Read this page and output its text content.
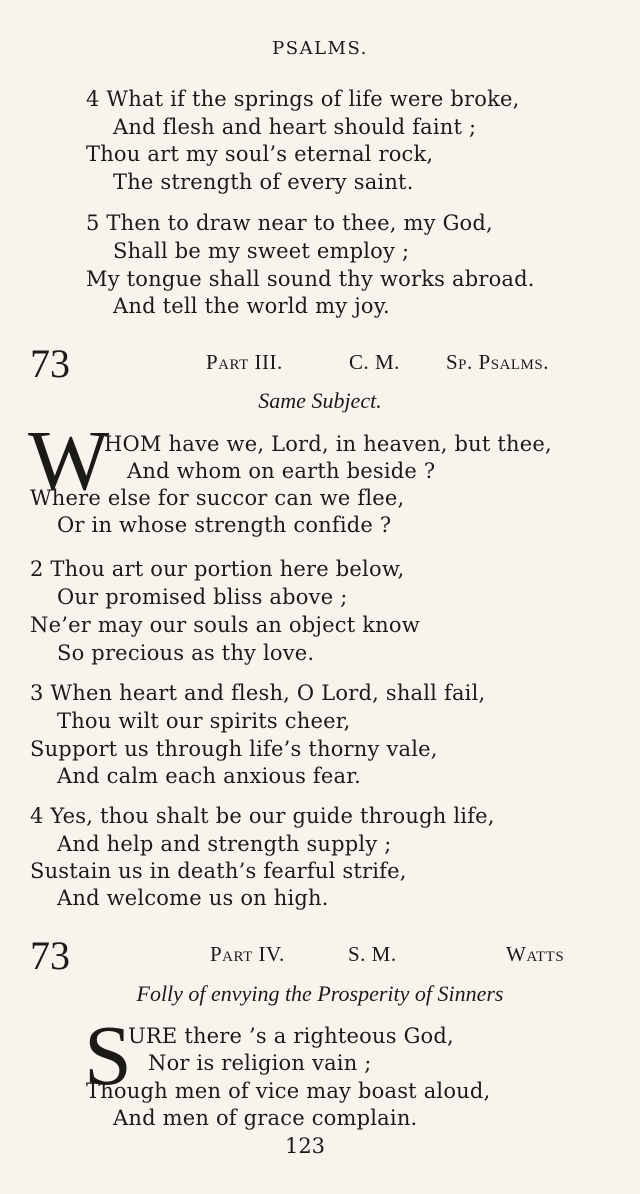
PSALMS.
4 What if the springs of life were broke,
And flesh and heart should faint ;
Thou art my soul’s eternal rock,
The strength of every saint.
5 Then to draw near to thee, my God,
Shall be my sweet employ ;
My tongue shall sound thy works abroad.
And tell the world my joy.
73	Part III.	C. M. Sp. Psalms.
Same Subject.
W
HOM have we, Lord, in heaven, but thee,
And whom on earth beside ?
Where else for succor can we flee,
Or in whose strength confide ?
2 Thou art our portion here below,
Our promised bliss above ;
Ne’er may our souls an object know
So precious as thy love.
3 When heart and flesh, O Lord, shall fail,
Thou wilt our spirits cheer,
Support us through life’s thorny vale,
And calm each anxious fear.
4 Yes, thou shalt be our guide through life,
And help and strength supply ;
Sustain us in death’s fearful strife,
And welcome us on high.
73	Part IV.	S. M.	Watts
Folly of envying the Prosperity of Sinners
S
URE there ’s a righteous God,
Nor is religion vain ;
Though men of vice may boast aloud,
And men of grace complain.
123
